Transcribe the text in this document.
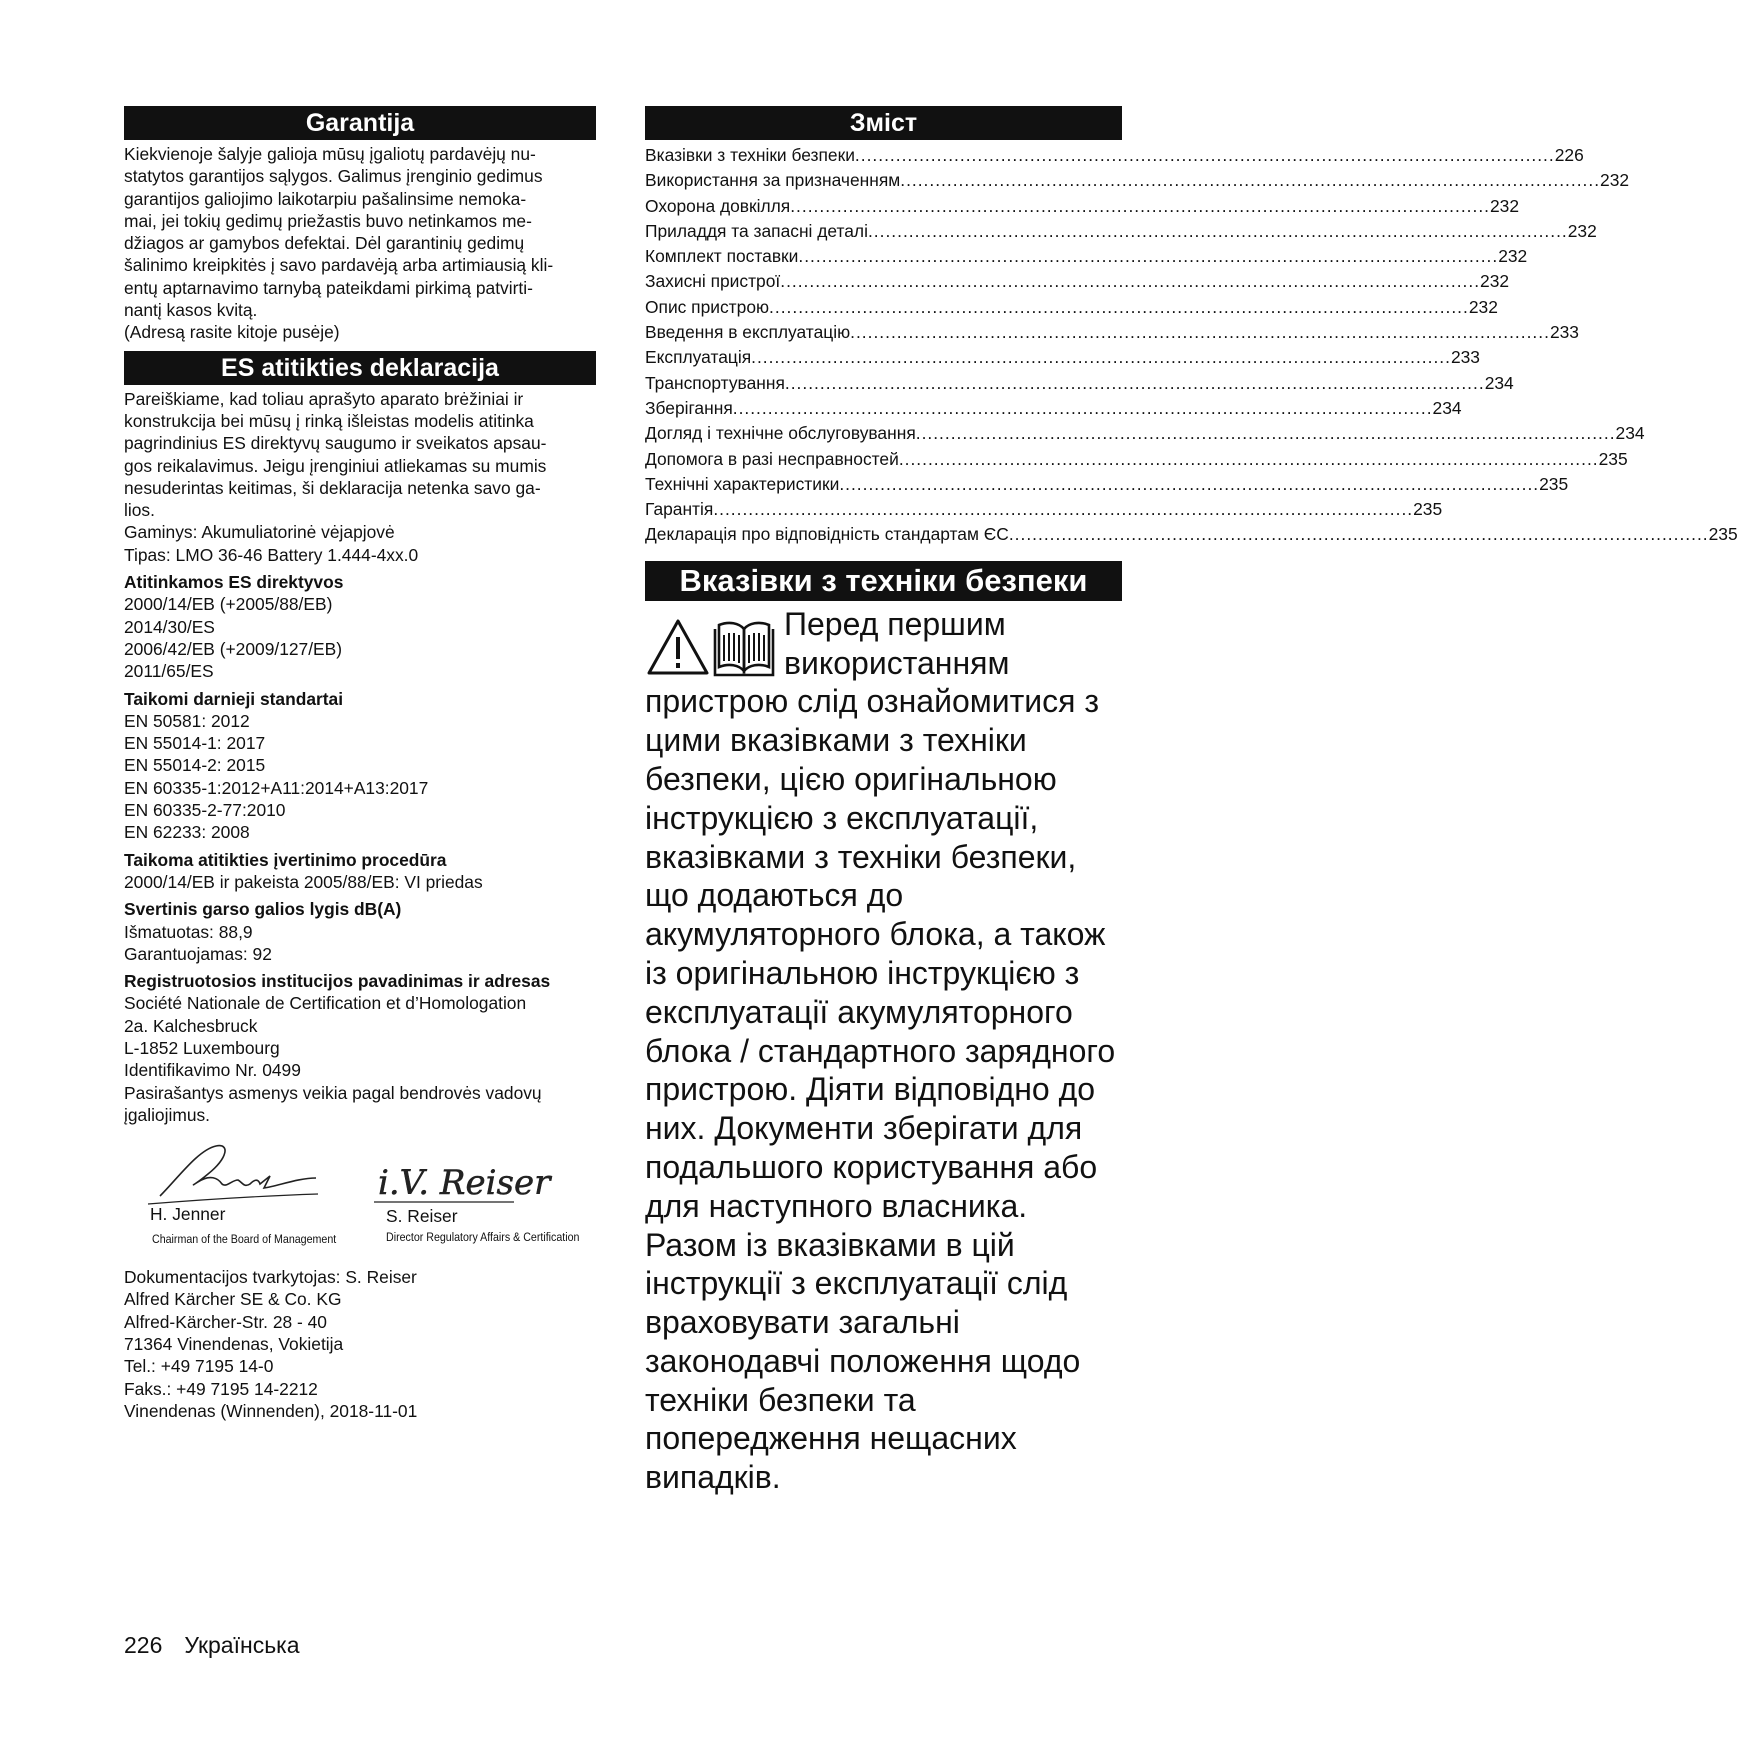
Garantija
Kiekvienoje šalyje galioja mūsų įgaliotų pardavėjų nu-
statytos garantijos sąlygos. Galimus įrenginio gedimus
garantijos galiojimo laikotarpiu pašalinsime nemoka-
mai, jei tokių gedimų priežastis buvo netinkamos me-
džiagos ar gamybos defektai. Dėl garantinių gedimų
šalinimo kreipkitės į savo pardavėją arba artimiausią kli-
entų aptarnavimo tarnybą pateikdami pirkimą patvirti-
nantį kasos kvitą.
(Adresą rasite kitoje pusėje)
ES atitikties deklaracija
Pareiškiame, kad toliau aprašyto aparato brėžiniai ir
konstrukcija bei mūsų į rinką išleistas modelis atitinka
pagrindinius ES direktyvų saugumo ir sveikatos apsau-
gos reikalavimus. Jeigu įrenginiui atliekamas su mumis
nesuderintas keitimas, ši deklaracija netenka savo ga-
lios.
Gaminys: Akumuliatorinė vėjapjovė
Tipas: LMO 36-46 Battery 1.444-4xx.0
Atitinkamos ES direktyvos
2000/14/EB (+2005/88/EB)
2014/30/ES
2006/42/EB (+2009/127/EB)
2011/65/ES
Taikomi darnieji standartai
EN 50581: 2012
EN 55014-1: 2017
EN 55014-2: 2015
EN 60335-1:2012+A11:2014+A13:2017
EN 60335-2-77:2010
EN 62233: 2008
Taikoma atitikties įvertinimo procedūra
2000/14/EB ir pakeista 2005/88/EB: VI priedas
Svertinis garso galios lygis dB(A)
Išmatuotas: 88,9
Garantuojamas: 92
Registruotosios institucijos pavadinimas ir adresas
Société Nationale de Certification et d’Homologation
2a. Kalchesbruck
L-1852 Luxembourg
Identifikavimo Nr. 0499
Pasirašantys asmenys veikia pagal bendrovės vadovų
įgaliojimus.
H. Jenner
Chairman of the Board of Management
i.V. Reiser
S. Reiser
Director Regulatory Affairs & Certification
Dokumentacijos tvarkytojas: S. Reiser
Alfred Kärcher SE & Co. KG
Alfred-Kärcher-Str. 28 - 40
71364 Vinendenas, Vokietija
Tel.: +49 7195 14-0
Faks.: +49 7195 14-2212
Vinendenas (Winnenden), 2018-11-01
Зміст
Вказівки з техніки безпеки .....	226
Використання за призначенням .....	232
Охорона довкілля .....	232
Приладдя та запасні деталі .....	232
Комплект поставки .....	232
Захисні пристрої .....	232
Опис пристрою .....	232
Введення в експлуатацію .....	233
Експлуатація .....	233
Транспортування .....	234
Зберігання .....	234
Догляд і технічне обслуговування .....	234
Допомога в разі несправностей .....	235
Технічні характеристики .....	235
Гарантія .....	235
Декларація про відповідність стандартам ЄС .....	235
Вказівки з техніки безпеки
Перед першим використанням пристрою слід ознайомитися з цими вказівками з техніки безпеки, цією оригінальною інструкцією з експлуатації, вказівками з техніки безпеки, що додаються до акумуляторного блока, а також із оригінальною інструкцією з експлуатації акумуляторного блока / стандартного зарядного пристрою. Діяти відповідно до них. Документи зберігати для подальшого користування або для наступного власника. Разом із вказівками в цій інструкції з експлуатації слід враховувати загальні законодавчі положення щодо техніки безпеки та попередження нещасних випадків.
226 Українська
